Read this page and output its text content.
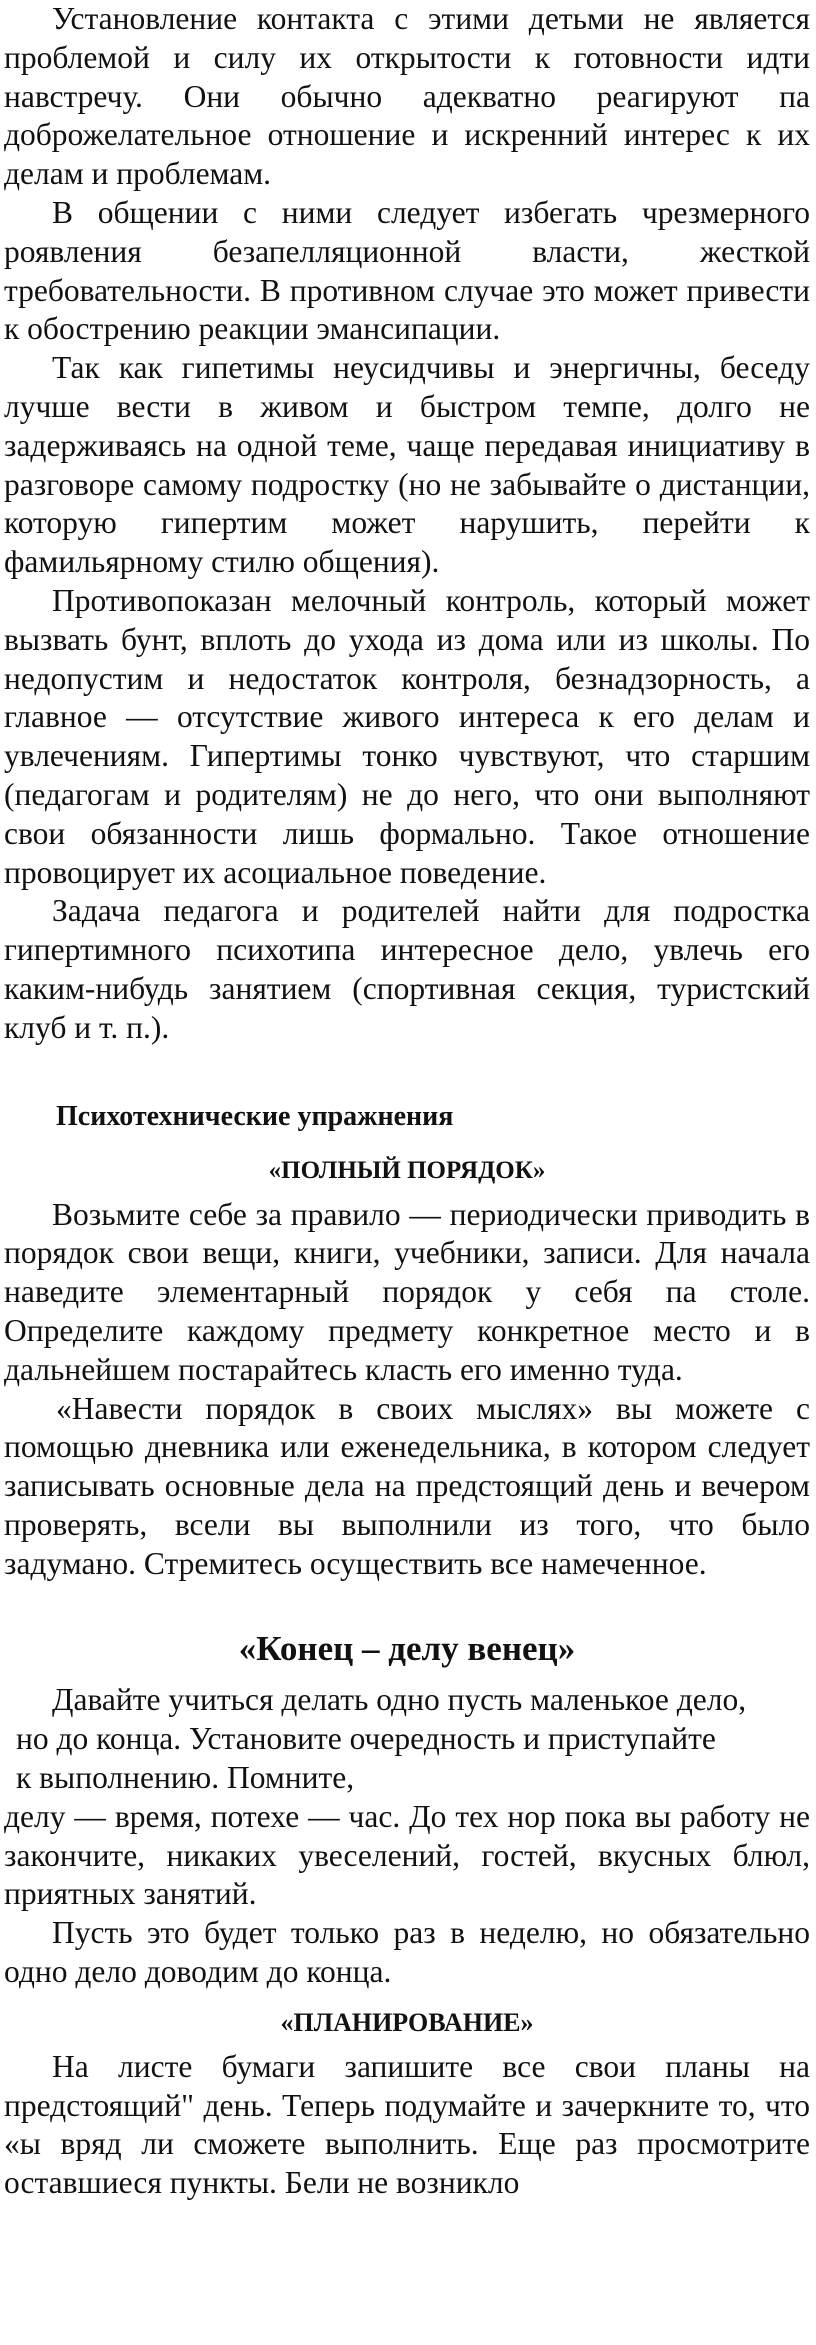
Установление контакта с этими детьми не является проблемой и силу их открытости к готовности идти навстречу. Они обычно адекватно реагируют па доброжелательное отношение и искренний интерес к их делам и проблемам.

В общении с ними следует избегать чрезмерного роявления безапелляционной власти, жесткой требовательности. В противном случае это может привести к обострению реакции эмансипации.

Так как гипетимы неусидчивы и энергичны, беседу лучше вести в живом и быстром темпе, долго не задерживаясь на одной теме, чаще передавая инициативу в разговоре самому подростку (но не забывайте о дистанции, которую гипертим может нарушить, перейти к фамильярному стилю общения).

Противопоказан мелочный контроль, который может вызвать бунт, вплоть до ухода из дома или из школы. По недопустим и недостаток контроля, безнадзорность, а главное — отсутствие живого интереса к его делам и увлечениям. Гипертимы тонко чувствуют, что старшим (педагогам и родителям) не до него, что они выполняют свои обязанности лишь формально. Такое отношение провоцирует их асоциальное поведение.

Задача педагога и родителей найти для подростка гипертимного психотипа интересное дело, увлечь его каким-нибудь занятием (спортивная секция, туристский клуб и т. п.).

Психотехнические упражнения

«ПОЛНЫЙ ПОРЯДОК»

Возьмите себе за правило — периодически приводить в порядок свои вещи, книги, учебники, записи. Для начала наведите элементарный порядок у себя па столе. Определите каждому предмету конкретное место и в дальнейшем постарайтесь класть его именно туда.

«Навести порядок в своих мыслях» вы можете с помощью дневника или еженедельника, в котором следует записывать основные дела на предстоящий день и вечером проверять, всели вы выполнили из того, что было задумано. Стремитесь осуществить все намеченное.

«Конец – делу венец»

Давайте учиться делать одно пусть маленькое дело,
но до конца. Установите очередность и приступайте
к выполнению. Помните,

делу — время, потехе — час. До тех нор пока вы работу не закончите, никаких увеселений, гостей, вкусных блюл, приятных занятий.

Пусть это будет только раз в неделю, но обязательно одно дело доводим до конца.

«ПЛАНИРОВАНИЕ»

На листе бумаги запишите все свои планы на предстоящий" день. Теперь подумайте и зачеркните то, что «ы вряд ли сможете выполнить. Еще раз просмотрите оставшиеся пункты. Бели не возникло
